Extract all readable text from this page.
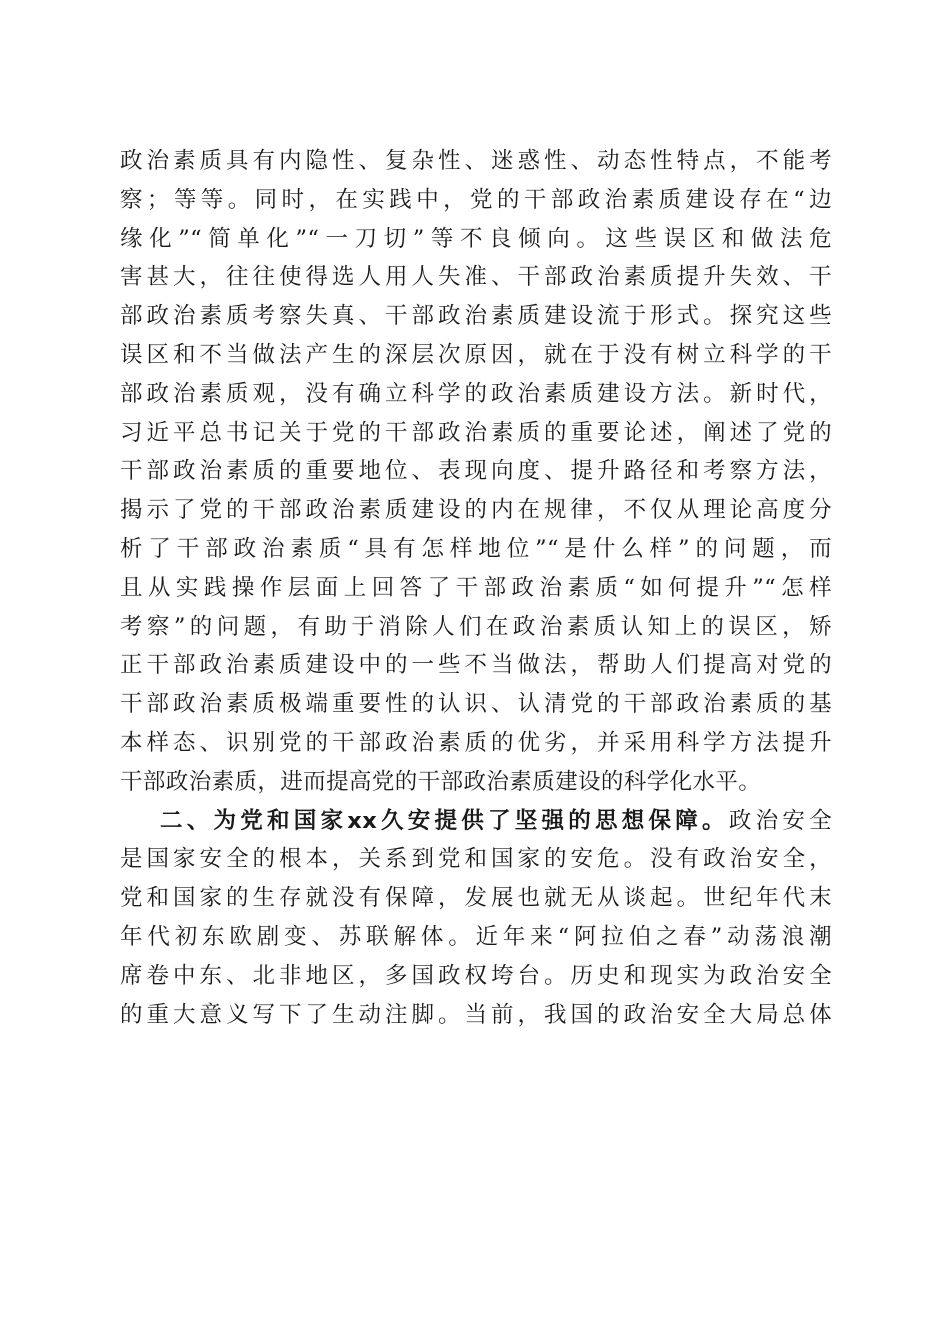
政治素质具有内隐性、复杂性、迷惑性、动态性特点，不能考
察；等等。同时，在实践中，党的干部政治素质建设存在“边
缘化”“简单化”“一刀切”等不良倾向。这些误区和做法危
害甚大，往往使得选人用人失准、干部政治素质提升失效、干
部政治素质考察失真、干部政治素质建设流于形式。探究这些
误区和不当做法产生的深层次原因，就在于没有树立科学的干
部政治素质观，没有确立科学的政治素质建设方法。新时代，
习近平总书记关于党的干部政治素质的重要论述，阐述了党的
干部政治素质的重要地位、表现向度、提升路径和考察方法，
揭示了党的干部政治素质建设的内在规律，不仅从理论高度分
析了干部政治素质“具有怎样地位”“是什么样”的问题，而
且从实践操作层面上回答了干部政治素质“如何提升”“怎样
考察”的问题，有助于消除人们在政治素质认知上的误区，矫
正干部政治素质建设中的一些不当做法，帮助人们提高对党的
干部政治素质极端重要性的认识、认清党的干部政治素质的基
本样态、识别党的干部政治素质的优劣，并采用科学方法提升
干部政治素质，进而提高党的干部政治素质建设的科学化水平。
二、为党和国家xx久安提供了坚强的思想保障。政治安全
是国家安全的根本，关系到党和国家的安危。没有政治安全，
党和国家的生存就没有保障，发展也就无从谈起。世纪年代末
年代初东欧剧变、苏联解体。近年来“阿拉伯之春”动荡浪潮
席卷中东、北非地区，多国政权垮台。历史和现实为政治安全
的重大意义写下了生动注脚。当前，我国的政治安全大局总体
